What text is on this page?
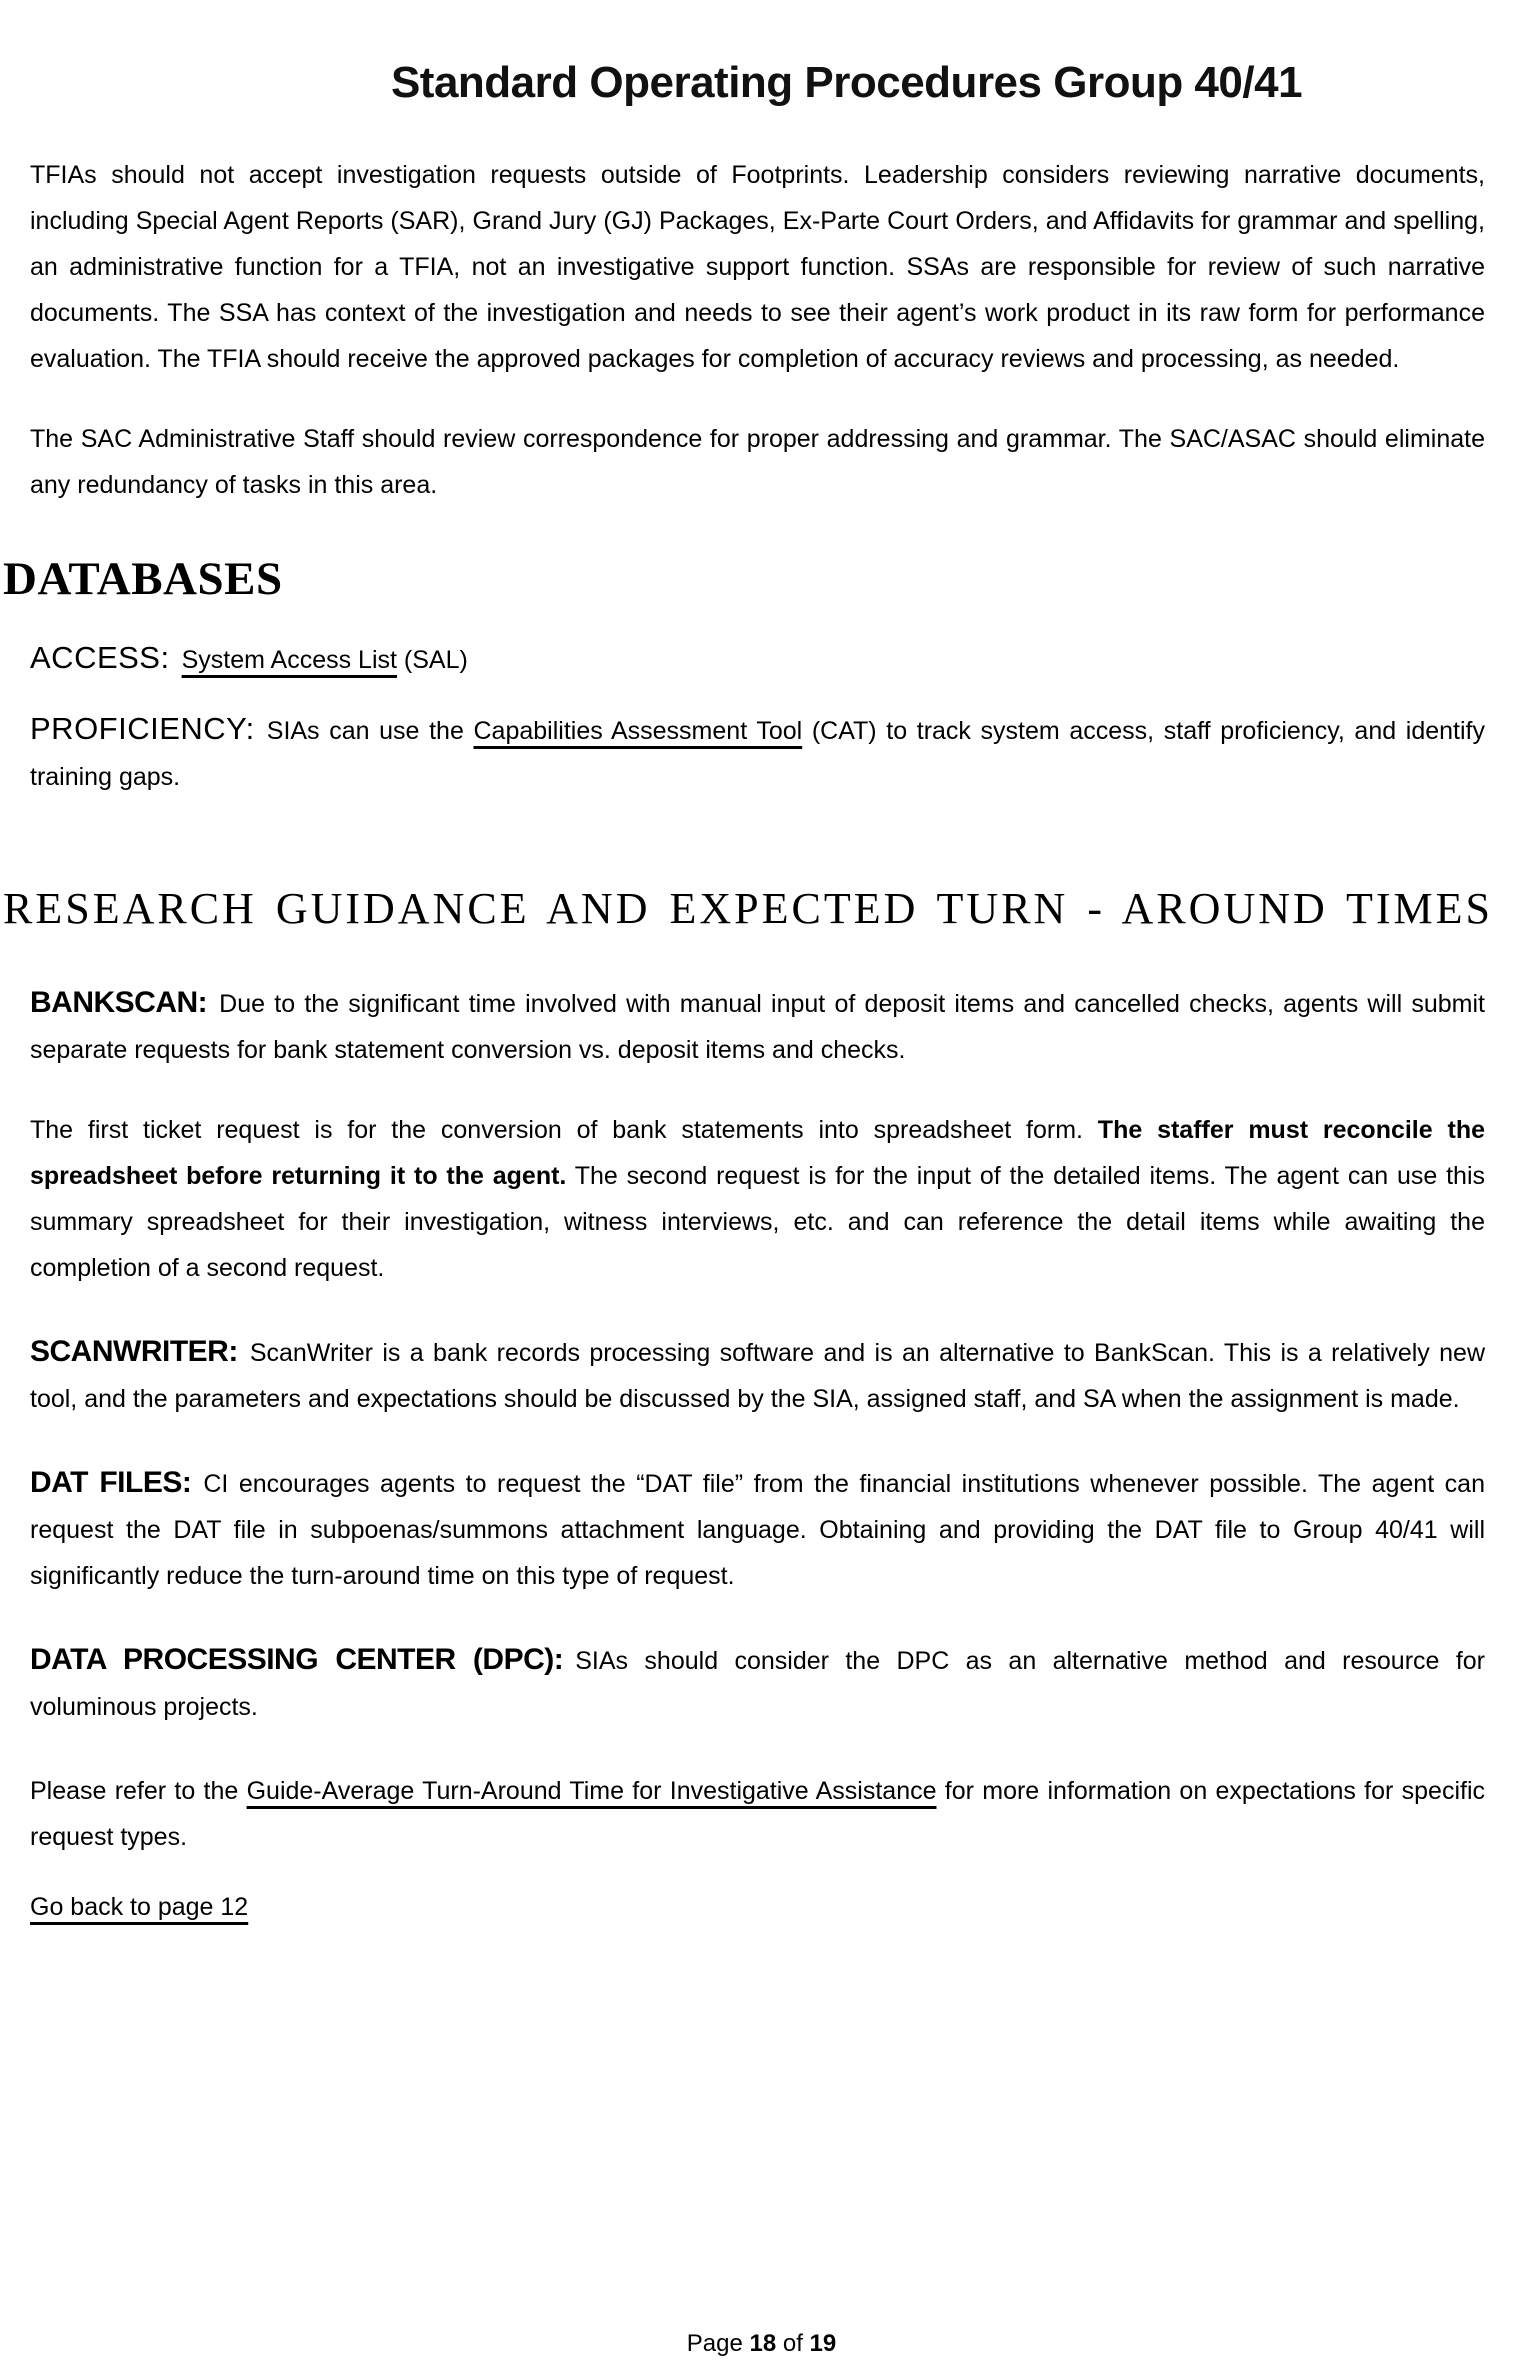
Standard Operating Procedures Group 40/41

TFIAs should not accept investigation requests outside of Footprints. Leadership considers reviewing narrative documents, including Special Agent Reports (SAR), Grand Jury (GJ) Packages, Ex-Parte Court Orders, and Affidavits for grammar and spelling, an administrative function for a TFIA, not an investigative support function. SSAs are responsible for review of such narrative documents. The SSA has context of the investigation and needs to see their agent’s work product in its raw form for performance evaluation. The TFIA should receive the approved packages for completion of accuracy reviews and processing, as needed.

The SAC Administrative Staff should review correspondence for proper addressing and grammar. The SAC/ASAC should eliminate any redundancy of tasks in this area.

DATABASES

ACCESS: System Access List (SAL)

PROFICIENCY: SIAs can use the Capabilities Assessment Tool (CAT) to track system access, staff proficiency, and identify training gaps.

RESEARCH GUIDANCE AND EXPECTED TURN - AROUND TIMES

BANKSCAN: Due to the significant time involved with manual input of deposit items and cancelled checks, agents will submit separate requests for bank statement conversion vs. deposit items and checks.

The first ticket request is for the conversion of bank statements into spreadsheet form. The staffer must reconcile the spreadsheet before returning it to the agent. The second request is for the input of the detailed items. The agent can use this summary spreadsheet for their investigation, witness interviews, etc. and can reference the detail items while awaiting the completion of a second request.

SCANWRITER: ScanWriter is a bank records processing software and is an alternative to BankScan. This is a relatively new tool, and the parameters and expectations should be discussed by the SIA, assigned staff, and SA when the assignment is made.

DAT FILES: CI encourages agents to request the “DAT file” from the financial institutions whenever possible. The agent can request the DAT file in subpoenas/summons attachment language. Obtaining and providing the DAT file to Group 40/41 will significantly reduce the turn-around time on this type of request.

DATA PROCESSING CENTER (DPC): SIAs should consider the DPC as an alternative method and resource for voluminous projects.

Please refer to the Guide-Average Turn-Around Time for Investigative Assistance for more information on expectations for specific request types.

Go back to page 12

Page 18 of 19
